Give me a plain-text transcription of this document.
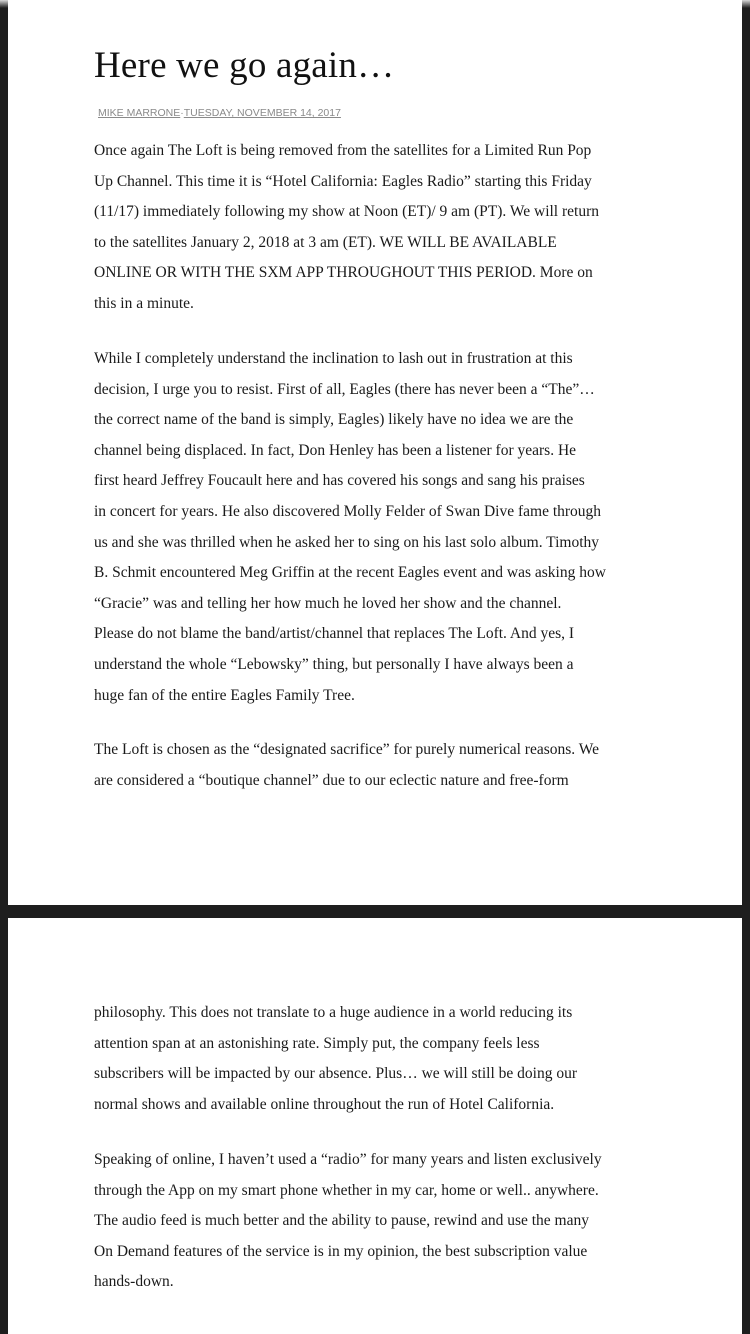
Here we go again…
MIKE MARRONE·TUESDAY, NOVEMBER 14, 2017
Once again The Loft is being removed from the satellites for a Limited Run Pop
Up Channel. This time it is “Hotel California: Eagles Radio” starting this Friday
(11/17) immediately following my show at Noon (ET)/ 9 am (PT). We will return
to the satellites January 2, 2018 at 3 am (ET). WE WILL BE AVAILABLE
ONLINE OR WITH THE SXM APP THROUGHOUT THIS PERIOD. More on
this in a minute.
While I completely understand the inclination to lash out in frustration at this
decision, I urge you to resist. First of all, Eagles (there has never been a “The”…
the correct name of the band is simply, Eagles) likely have no idea we are the
channel being displaced. In fact, Don Henley has been a listener for years. He
first heard Jeffrey Foucault here and has covered his songs and sang his praises
in concert for years. He also discovered Molly Felder of Swan Dive fame through
us and she was thrilled when he asked her to sing on his last solo album. Timothy
B. Schmit encountered Meg Griffin at the recent Eagles event and was asking how
“Gracie” was and telling her how much he loved her show and the channel.
Please do not blame the band/artist/channel that replaces The Loft. And yes, I
understand the whole “Lebowsky” thing, but personally I have always been a
huge fan of the entire Eagles Family Tree.
The Loft is chosen as the “designated sacrifice” for purely numerical reasons. We
are considered a “boutique channel” due to our eclectic nature and free-form
philosophy. This does not translate to a huge audience in a world reducing its
attention span at an astonishing rate. Simply put, the company feels less
subscribers will be impacted by our absence. Plus… we will still be doing our
normal shows and available online throughout the run of Hotel California.
Speaking of online, I haven’t used a “radio” for many years and listen exclusively
through the App on my smart phone whether in my car, home or well.. anywhere.
The audio feed is much better and the ability to pause, rewind and use the many
On Demand features of the service is in my opinion, the best subscription value
hands-down.
